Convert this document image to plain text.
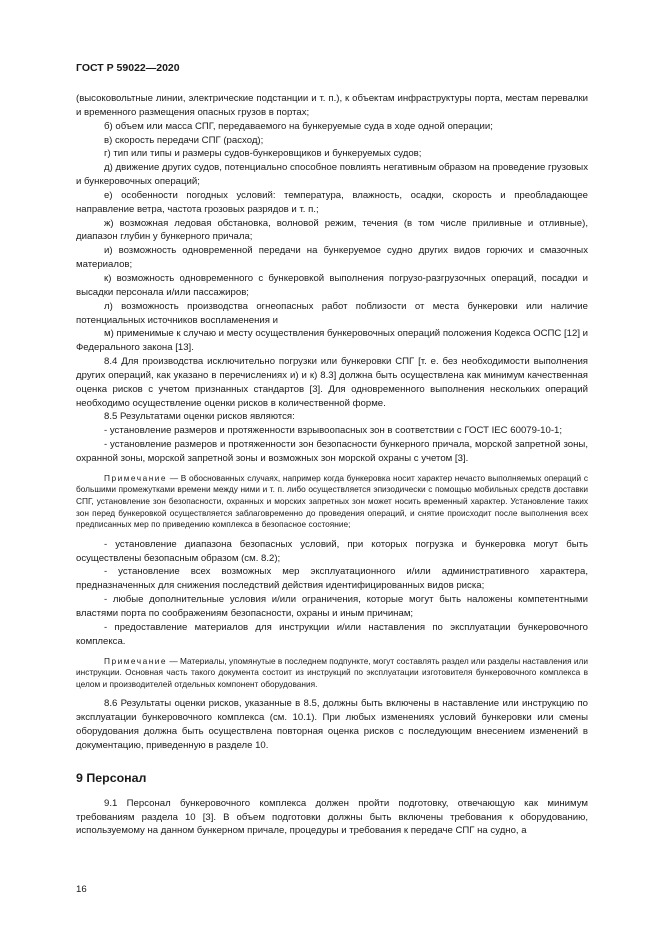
ГОСТ Р 59022—2020

(высоковольтные линии, электрические подстанции и т. п.), к объектам инфраструктуры порта, местам перевалки и временного размещения опасных грузов в портах;

б) объем или масса СПГ, передаваемого на бункеруемые суда в ходе одной операции;

в) скорость передачи СПГ (расход);

г) тип или типы и размеры судов-бункеровщиков и бункеруемых судов;

д) движение других судов, потенциально способное повлиять негативным образом на проведение грузовых и бункеровочных операций;

е) особенности погодных условий: температура, влажность, осадки, скорость и преобладающее направление ветра, частота грозовых разрядов и т. п.;

ж) возможная ледовая обстановка, волновой режим, течения (в том числе приливные и отливные), диапазон глубин у бункерного причала;

и) возможность одновременной передачи на бункеруемое судно других видов горючих и смазочных материалов;

к) возможность одновременного с бункеровкой выполнения погрузо-разгрузочных операций, посадки и высадки персонала и/или пассажиров;

л) возможность производства огнеопасных работ поблизости от места бункеровки или наличие потенциальных источников воспламенения и

м) применимые к случаю и месту осуществления бункеровочных операций положения Кодекса ОСПС [12] и Федерального закона [13].

8.4 Для производства исключительно погрузки или бункеровки СПГ [т. е. без необходимости выполнения других операций, как указано в перечислениях и) и к) 8.3] должна быть осуществлена как минимум качественная оценка рисков с учетом признанных стандартов [3]. Для одновременного выполнения нескольких операций необходимо осуществление оценки рисков в количественной форме.

8.5 Результатами оценки рисков являются:

- установление размеров и протяженности взрывоопасных зон в соответствии с ГОСТ IEC 60079-10-1;

- установление размеров и протяженности зон безопасности бункерного причала, морской запретной зоны, охранной зоны, морской запретной зоны и возможных зон морской охраны с учетом [3].

Примечание — В обоснованных случаях, например когда бункеровка носит характер нечасто выполняемых операций с большими промежутками времени между ними и т. п. либо осуществляется эпизодически с помощью мобильных средств доставки СПГ, установление зон безопасности, охранных и морских запретных зон может носить временный характер. Установление таких зон перед бункеровкой осуществляется заблаговременно до проведения операций, и снятие происходит после выполнения всех предписанных мер по приведению комплекса в безопасное состояние;

- установление диапазона безопасных условий, при которых погрузка и бункеровка могут быть осуществлены безопасным образом (см. 8.2);

- установление всех возможных мер эксплуатационного и/или административного характера, предназначенных для снижения последствий действия идентифицированных видов риска;

- любые дополнительные условия и/или ограничения, которые могут быть наложены компетентными властями порта по соображениям безопасности, охраны и иным причинам;

- предоставление материалов для инструкции и/или наставления по эксплуатации бункеровочного комплекса.

Примечание — Материалы, упомянутые в последнем подпункте, могут составлять раздел или разделы наставления или инструкции. Основная часть такого документа состоит из инструкций по эксплуатации изготовителя бункеровочного комплекса в целом и производителей отдельных компонент оборудования.

8.6 Результаты оценки рисков, указанные в 8.5, должны быть включены в наставление или инструкцию по эксплуатации бункеровочного комплекса (см. 10.1). При любых изменениях условий бункеровки или смены оборудования должна быть осуществлена повторная оценка рисков с последующим внесением изменений в документацию, приведенную в разделе 10.

9 Персонал

9.1 Персонал бункеровочного комплекса должен пройти подготовку, отвечающую как минимум требованиям раздела 10 [3]. В объем подготовки должны быть включены требования к оборудованию, используемому на данном бункерном причале, процедуры и требования к передаче СПГ на судно, а

16
